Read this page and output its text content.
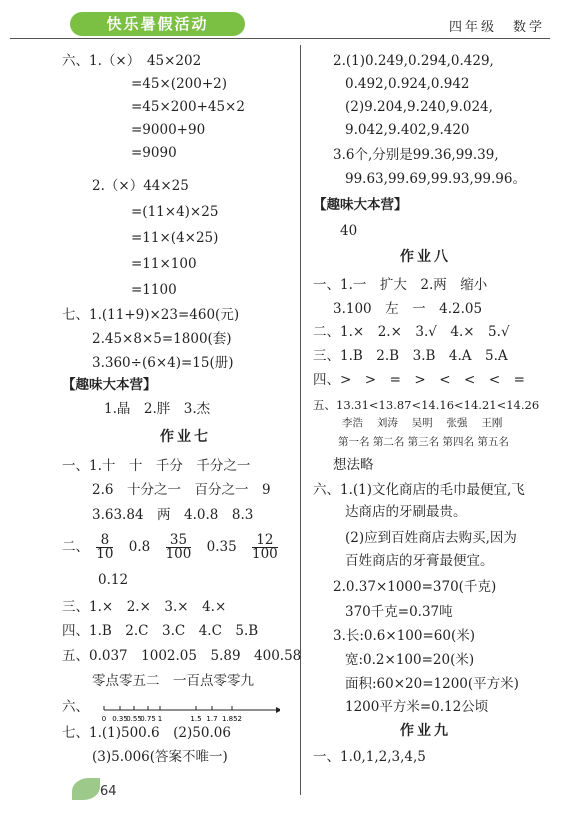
快乐暑假活动	四年级　数学
六、1.（×）　45×202
=45×(200+2)
=45×200+45×2
=9000+90
=9090
2.（×）44×25
=(11×4)×25
=11×(4×25)
=11×100
=1100
七、1.(11+9)×23=460(元)
2.45×8×5=1800(套)
3.360÷(6×4)=15(册)
1.晶　2.胖　3.杰
一、1.十　十　千分　千分之一
2.6　十分之一　百分之一　9
3.63.84　两　4.0.8　8.3
0.12
三、1.×　2.×　3.×　4.×
四、1.B　2.C　3.C　4.C　5.B
五、0.037　1002.05　5.89　400.58
零点零五二　一百点零零九
七、1.(1)500.6　(2)50.06
(3)5.006(答案不唯一)
2.(1)0.249,0.294,0.429,
0.492,0.924,0.942
(2)9.204,9.240,9.024,
9.042,9.402,9.420
3.6个,分别是99.36,99.39,
99.63,99.69,99.93,99.96。
40
一、1.一　扩大　2.两　缩小
3.100　左　一　4.2.05
二、1.×　2.×　3.√　4.×　5.√
三、1.B　2.B　3.B　4.A　5.A
四、>　>　=　>　<　<　<　=
想法略
六、1.(1)文化商店的毛巾最便宜,飞
达商店的牙刷最贵。
(2)应到百姓商店去购买,因为
百姓商店的牙膏最便宜。
2.0.37×1000=370(千克)
370千克=0.37吨
3.长:0.6×100=60(米)
宽:0.2×100=20(米)
面积:60×20=1200(平方米)
1200平方米=0.12公顷
一、1.0,1,2,3,4,5
【趣味大本营】
作业七
二、 $\frac{8}{10} 0.8 \frac{35}{100} 0.35 \frac{12}{100}$
六、
0 0.35
0.55
0.75 1	1.5 1.7 1.852
【趣味大本营】
作业八
作业九
五、13.31<13.87<14.16<14.21<14.26
李浩　 刘涛　 吴明　 张强　 王刚
第一名 第二名 第三名 第四名 第五名
64
